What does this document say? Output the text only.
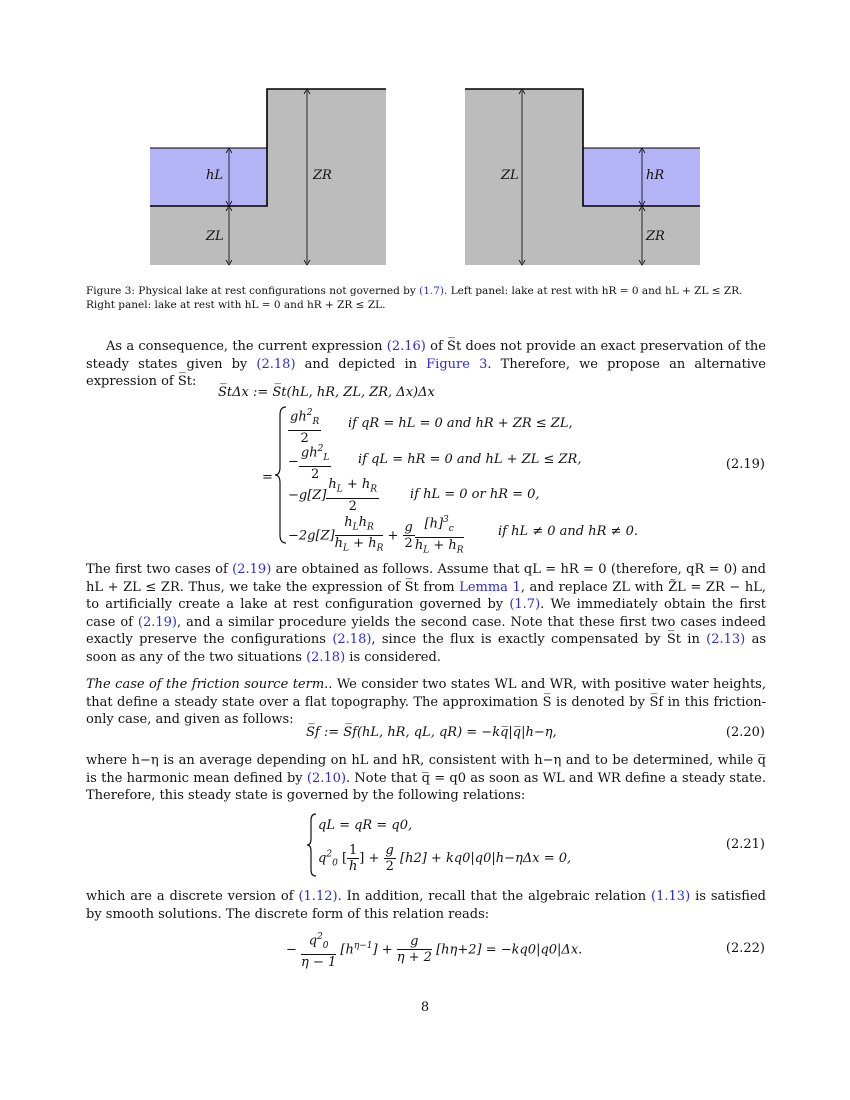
hL
ZL
ZR	ZL	hR
ZR
Figure 3: Physical lake at rest configurations not governed by (1.7). Left panel: lake at rest with hR = 0 and hL + ZL ≤ ZR. Right panel: lake at rest with hL = 0 and hR + ZR ≤ ZL.
As a consequence, the current expression (2.16) of S̅t does not provide an exact preservation of the steady states given by (2.18) and depicted in Figure 3. Therefore, we propose an alternative expression of S̅t:
S̅tΔx := S̅t(hL, hR, ZL, ZR, Δx)Δx
=
$\frac{gh^2_R}{2}$ if qR = hL = 0 and hR + ZR ≤ ZL,
− $\frac{gh^2_L}{2}$ if qL = hR = 0 and hL + ZL ≤ ZR,
$-g[Z] \frac{h_L + h_R}{2}$ if hL = 0 or hR = 0,
$-2g[Z] \frac{h_Lh_R}{h_L + h_R} + \frac{g}{2} \frac{[h]^3_c}{h_L + h_R}$	if hL ≠ 0 and hR ≠ 0.
(2.19)
The first two cases of (2.19) are obtained as follows. Assume that qL = hR = 0 (therefore, qR = 0) and hL + ZL ≤ ZR. Thus, we take the expression of S̅t from Lemma 1, and replace ZL with Z̃L = ZR − hL, to artificially create a lake at rest configuration governed by (1.7). We immediately obtain the first case of (2.19), and a similar procedure yields the second case. Note that these first two cases indeed exactly preserve the configurations (2.18), since the flux is exactly compensated by S̅t in (2.13) as soon as any of the two situations (2.18) is considered.
The case of the friction source term.. We consider two states WL and WR, with positive water heights, that define a steady state over a flat topography. The approximation S̅ is denoted by S̅f in this friction-only case, and given as follows:
S̅f := S̅f(hL, hR, qL, qR) = −kq̅|q̅|h−η,	(2.20)
where h−η is an average depending on hL and hR, consistent with h−η and to be determined, while q̅ is the harmonic mean defined by (2.10). Note that q̅ = q0 as soon as WL and WR define a steady state. Therefore, this steady state is governed by the following relations:
qL = qR = q0,
$q^2_0$ [ $\frac{1}{h}$ ] + $\frac{g}{2} [h2] + kq0|q0|h-\eta\Delta x = 0$,
(2.21)
which are a discrete version of (1.12). In addition, recall that the algebraic relation (1.13) is satisfied by smooth solutions. The discrete form of this relation reads:
− $\frac{q^2_0}{\eta - 1} [h^{\eta-1}] + \frac{g}{\eta + 2} [h\eta+2] = -kq0|q0|\Delta x$.	(2.22)
8
